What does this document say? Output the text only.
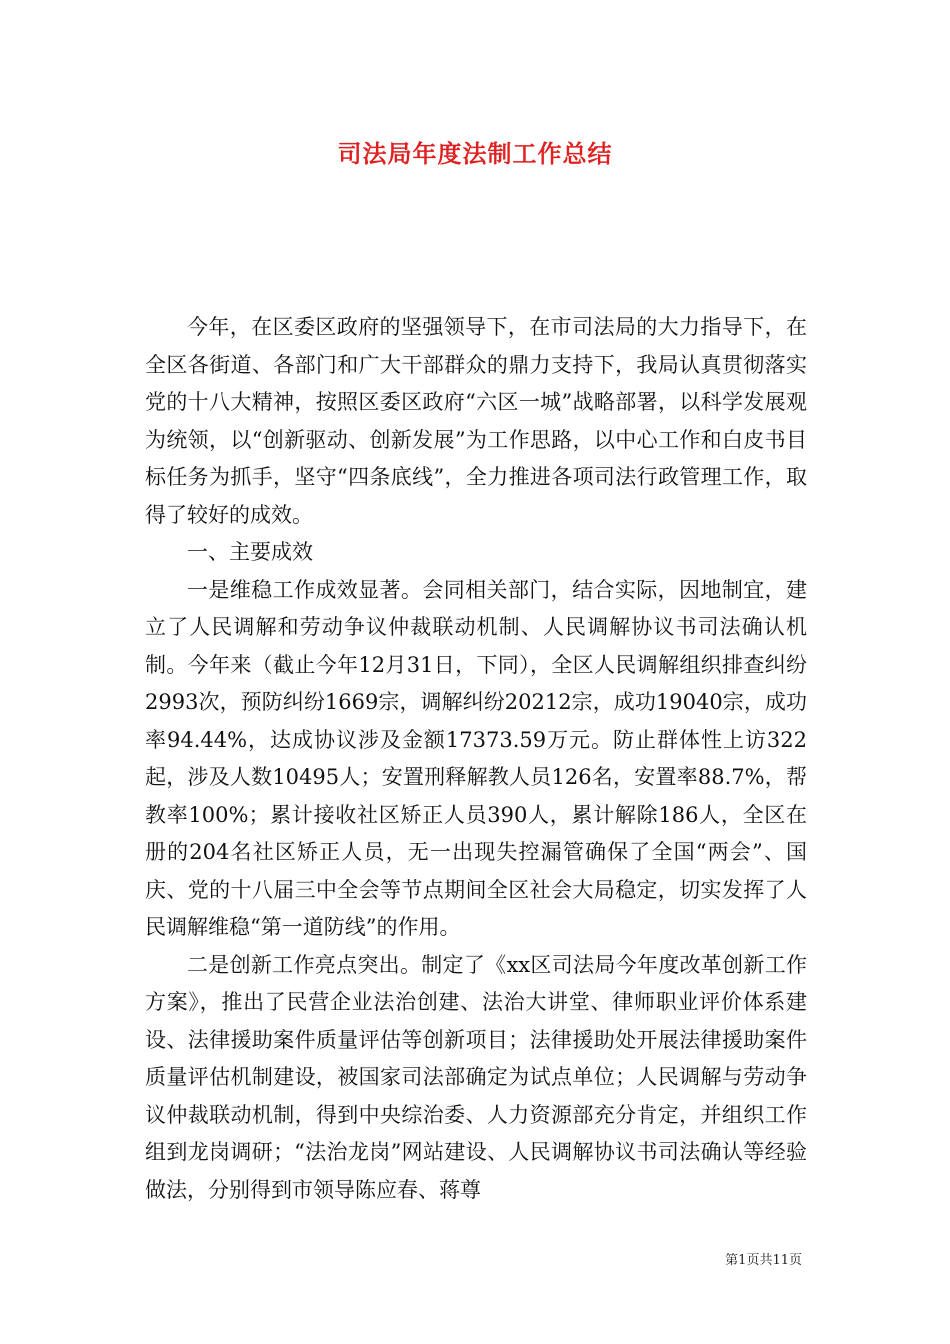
司法局年度法制工作总结

今年，在区委区政府的坚强领导下，在市司法局的大力指导下，在全区各街道、各部门和广大干部群众的鼎力支持下，我局认真贯彻落实党的十八大精神，按照区委区政府“六区一城”战略部署，以科学发展观为统领，以“创新驱动、创新发展”为工作思路，以中心工作和白皮书目标任务为抓手，坚守“四条底线”，全力推进各项司法行政管理工作，取得了较好的成效。

一、主要成效

一是维稳工作成效显著。会同相关部门，结合实际，因地制宜，建立了人民调解和劳动争议仲裁联动机制、人民调解协议书司法确认机制。今年来（截止今年12月31日，下同），全区人民调解组织排查纠纷2993次，预防纠纷1669宗，调解纠纷20212宗，成功19040宗，成功率94.44%，达成协议涉及金额17373.59万元。防止群体性上访322起，涉及人数10495人；安置刑释解教人员126名，安置率88.7%，帮教率100%；累计接收社区矫正人员390人，累计解除186人，全区在册的204名社区矫正人员，无一出现失控漏管确保了全国“两会”、国庆、党的十八届三中全会等节点期间全区社会大局稳定，切实发挥了人民调解维稳“第一道防线”的作用。

二是创新工作亮点突出。制定了《xx区司法局今年度改革创新工作方案》，推出了民营企业法治创建、法治大讲堂、律师职业评价体系建设、法律援助案件质量评估等创新项目；法律援助处开展法律援助案件质量评估机制建设，被国家司法部确定为试点单位；人民调解与劳动争议仲裁联动机制，得到中央综治委、人力资源部充分肯定，并组织工作组到龙岗调研；“法治龙岗”网站建设、人民调解协议书司法确认等经验做法，分别得到市领导陈应春、蒋尊

第1页共11页
